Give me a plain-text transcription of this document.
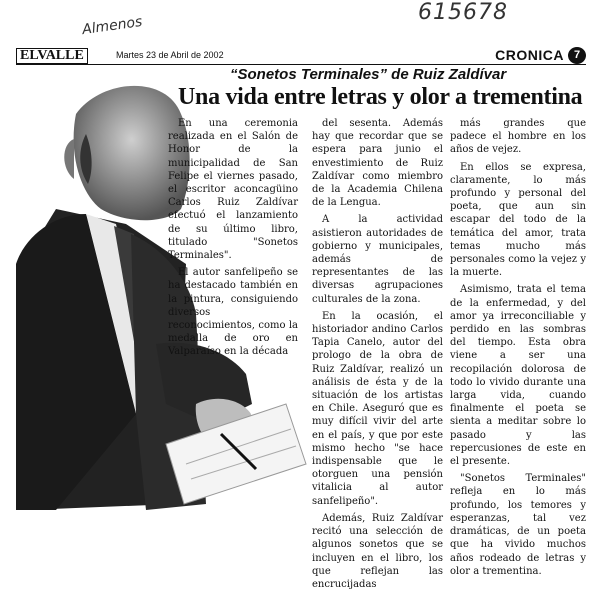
615678
Almenos
ELVALLE	Martes 23 de Abril de 2002	CRONICA 7
“Sonetos Terminales” de Ruiz Zaldívar
Una vida entre letras y olor a trementina

En una ceremonia realizada en el Salón de Honor de la municipalidad de San Felipe el viernes pasado, el escritor aconcagüino Carlos Ruiz Zaldívar efectuó el lanzamiento de su último libro, titulado "Sonetos Terminales".

El autor sanfelipeño se ha destacado también en la pintura, consiguiendo diversos reconocimientos, como la medalla de oro en Valparaíso en la década

del sesenta. Además hay que recordar que se espera para junio el envestimiento de Ruiz Zaldívar como miembro de la Academia Chilena de la Lengua.

A la actividad asistieron autoridades de gobierno y municipales, además de representantes de las diversas agrupaciones culturales de la zona.

En la ocasión, el historiador andino Carlos Tapia Canelo, autor del prologo de la obra de Ruiz Zaldívar, realizó un análisis de ésta y de la situación de los artistas en Chile. Aseguró que es muy difícil vivir del arte en el país, y que por este mismo hecho "se hace indispensable que le otorguen una pensión vitalicia al autor sanfelipeño".

Además, Ruiz Zaldívar recitó una selección de algunos sonetos que se incluyen en el libro, los que reflejan las encrucijadas

más grandes que padece el hombre en los años de vejez.

En ellos se expresa, claramente, lo más profundo y personal del poeta, que aun sin escapar del todo de la temática del amor, trata temas mucho más personales como la vejez y la muerte.

Asimismo, trata el tema de la enfermedad, y del amor ya irreconciliable y perdido en las sombras del tiempo. Esta obra viene a ser una recopilación dolorosa de todo lo vivido durante una larga vida, cuando finalmente el poeta se sienta a meditar sobre lo pasado y las repercusiones de este en el presente.

"Sonetos Terminales" refleja en lo más profundo, los temores y esperanzas, tal vez dramáticas, de un poeta que ha vivido muchos años rodeado de letras y olor a trementina.
